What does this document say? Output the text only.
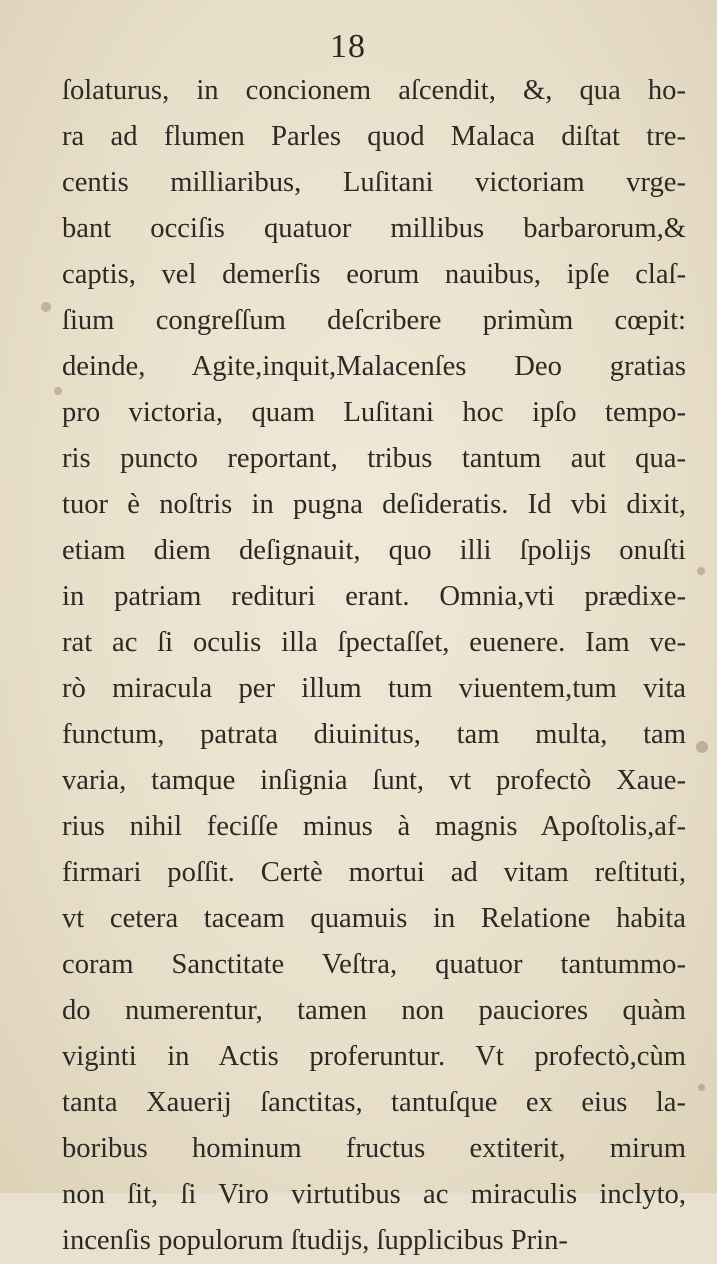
18
ſolaturus, in concionem aſcendit, &, qua ho-
ra ad flumen Parles quod Malaca diſtat tre-
centis milliaribus, Luſitani victoriam vrge-
bant occiſis quatuor millibus barbarorum,&
captis, vel demerſis eorum nauibus, ipſe claſ-
ſium congreſſum deſcribere primùm cœpit:
deinde, Agite,inquit,Malacenſes Deo gratias
pro victoria, quam Luſitani hoc ipſo tempo-
ris puncto reportant, tribus tantum aut qua-
tuor è noſtris in pugna deſideratis. Id vbi dixit,
etiam diem deſignauit, quo illi ſpolijs onuſti
in patriam redituri erant. Omnia,vti prædixe-
rat ac ſi oculis illa ſpectaſſet, euenere. Iam ve-
rò miracula per illum tum viuentem,tum vita
functum, patrata diuinitus, tam multa, tam
varia, tamque inſignia ſunt, vt profectò Xaue-
rius nihil feciſſe minus à magnis Apoſtolis,af-
firmari poſſit. Certè mortui ad vitam reſtituti,
vt cetera taceam quamuis in Relatione habita
coram Sanctitate Veſtra, quatuor tantummo-
do numerentur, tamen non pauciores quàm
viginti in Actis proferuntur. Vt profectò,cùm
tanta Xauerij ſanctitas, tantuſque ex eius la-
boribus hominum fructus extiterit, mirum
non ſit, ſi Viro virtutibus ac miraculis inclyto,
incenſis populorum ſtudijs, ſupplicibus Prin-
